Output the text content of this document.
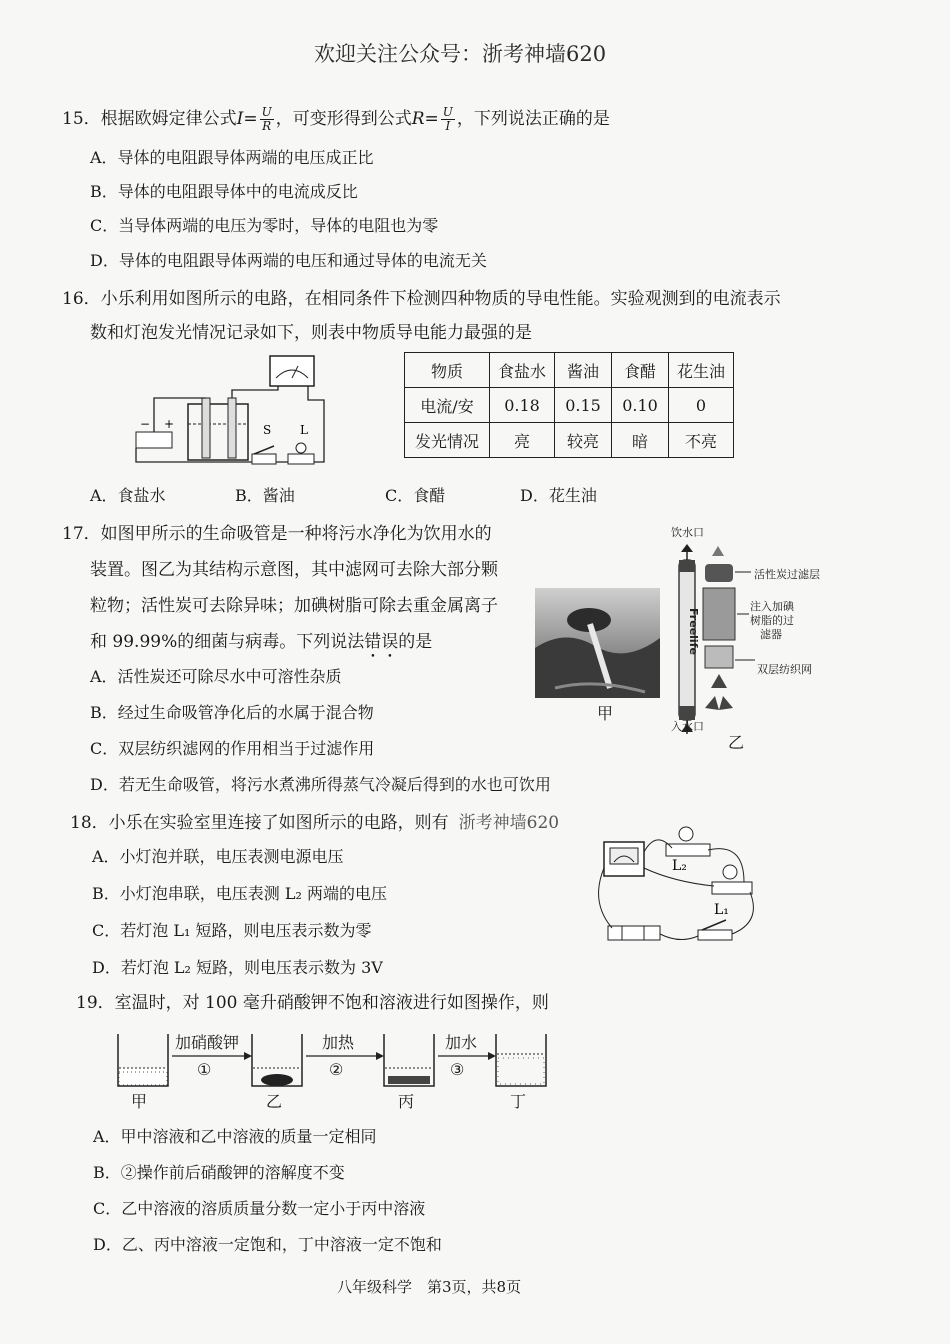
欢迎关注公众号：浙考神墙620
15．根据欧姆定律公式$I= \frac{U}{R}$ ，可变形得到公式$R= \frac{U}{I}$ ，下列说法正确的是
A．导体的电阻跟导体两端的电压成正比
B．导体的电阻跟导体中的电流成反比
C．当导体两端的电压为零时，导体的电阻也为零
D．导体的电阻跟导体两端的电压和通过导体的电流无关
16．小乐利用如图所示的电路，在相同条件下检测四种物质的导电性能。实验观测到的电流表示
数和灯泡发光情况记录如下，则表中物质导电能力最强的是
S L
− +
物质	食盐水	酱油	食醋	花生油
电流/安	0.18	0.15	0.10	0
发光情况	亮	较亮	暗	不亮
A．食盐水	B．酱油	C．食醋	D．花生油
17．如图甲所示的生命吸管是一种将污水净化为饮用水的
装置。图乙为其结构示意图，其中滤网可去除大部分颗
粒物；活性炭可去除异味；加碘树脂可除去重金属离子
和 99.99%的细菌与病毒。下列说法错误的是
A．活性炭还可除尽水中可溶性杂质
B．经过生命吸管净化后的水属于混合物
C．双层纺织滤网的作用相当于过滤作用
D．若无生命吸管，将污水煮沸所得蒸气冷凝后得到的水也可饮用
甲
饮水口
Freelife
活性炭过滤层
注入加碘
树脂的过
滤器
双层纺织网
入水口
乙
18．小乐在实验室里连接了如图所示的电路，则有 浙考神墙620
A．小灯泡并联，电压表测电源电压
B．小灯泡串联，电压表测 L₂ 两端的电压
C．若灯泡 L₁ 短路，则电压表示数为零
D．若灯泡 L₂ 短路，则电压表示数为 3V
L₂
L₁
19．室温时，对 100 毫升硝酸钾不饱和溶液进行如图操作，则
加硝酸钾
①
加热
②
加水
③
甲	乙	丙	丁
A．甲中溶液和乙中溶液的质量一定相同
B．②操作前后硝酸钾的溶解度不变
C．乙中溶液的溶质质量分数一定小于丙中溶液
D．乙、丙中溶液一定饱和，丁中溶液一定不饱和
八年级科学　第3页，共8页
